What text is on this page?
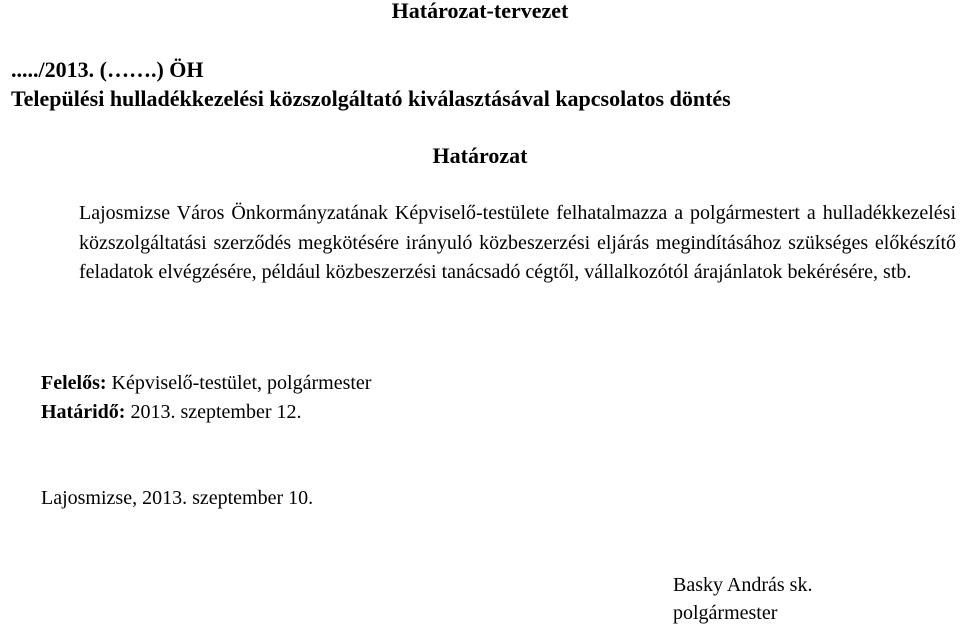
Határozat-tervezet
...../2013. (…….) ÖH
Települési hulladékkezelési közszolgáltató kiválasztásával kapcsolatos döntés
Határozat

Lajosmizse Város Önkormányzatának Képviselő-testülete felhatalmazza a polgármestert a hulladékkezelési közszolgáltatási szerződés megkötésére irányuló közbeszerzési eljárás megindításához szükséges előkészítő feladatok elvégzésére, például közbeszerzési tanácsadó cégtől, vállalkozótól árajánlatok bekérésére, stb.

Felelős: Képviselő-testület, polgármester
Határidő: 2013. szeptember 12.
Lajosmizse, 2013. szeptember 10.
Basky András sk.
polgármester
